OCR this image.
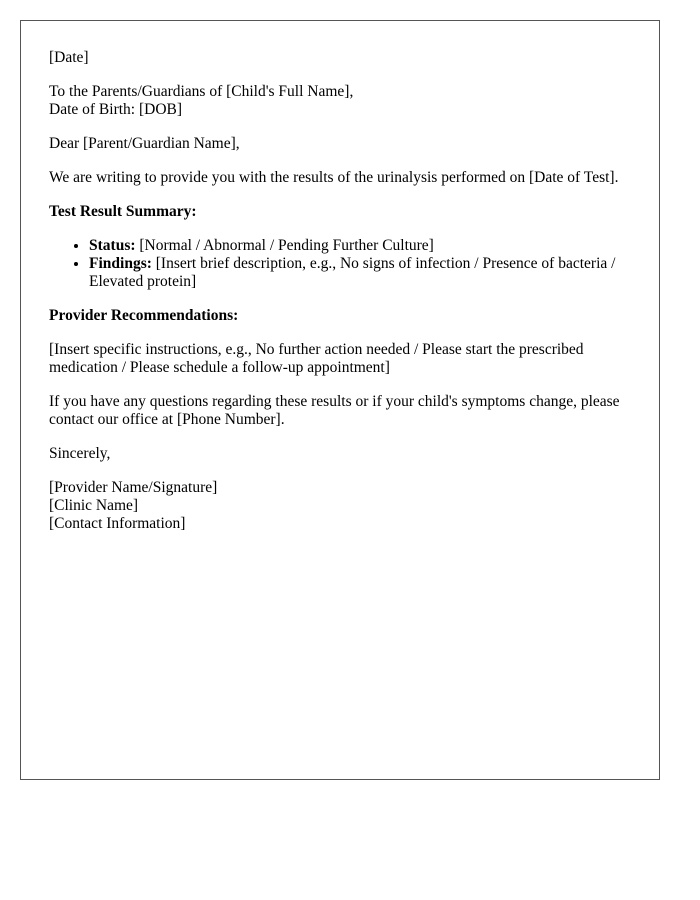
[Date]

To the Parents/Guardians of [Child's Full Name],
Date of Birth: [DOB]

Dear [Parent/Guardian Name],

We are writing to provide you with the results of the urinalysis performed on [Date of Test].

Test Result Summary:

• Status: [Normal / Abnormal / Pending Further Culture]
• Findings: [Insert brief description, e.g., No signs of infection / Presence of bacteria / Elevated protein]

Provider Recommendations:

[Insert specific instructions, e.g., No further action needed / Please start the prescribed medication / Please schedule a follow-up appointment]

If you have any questions regarding these results or if your child's symptoms change, please contact our office at [Phone Number].

Sincerely,

[Provider Name/Signature]
[Clinic Name]
[Contact Information]
